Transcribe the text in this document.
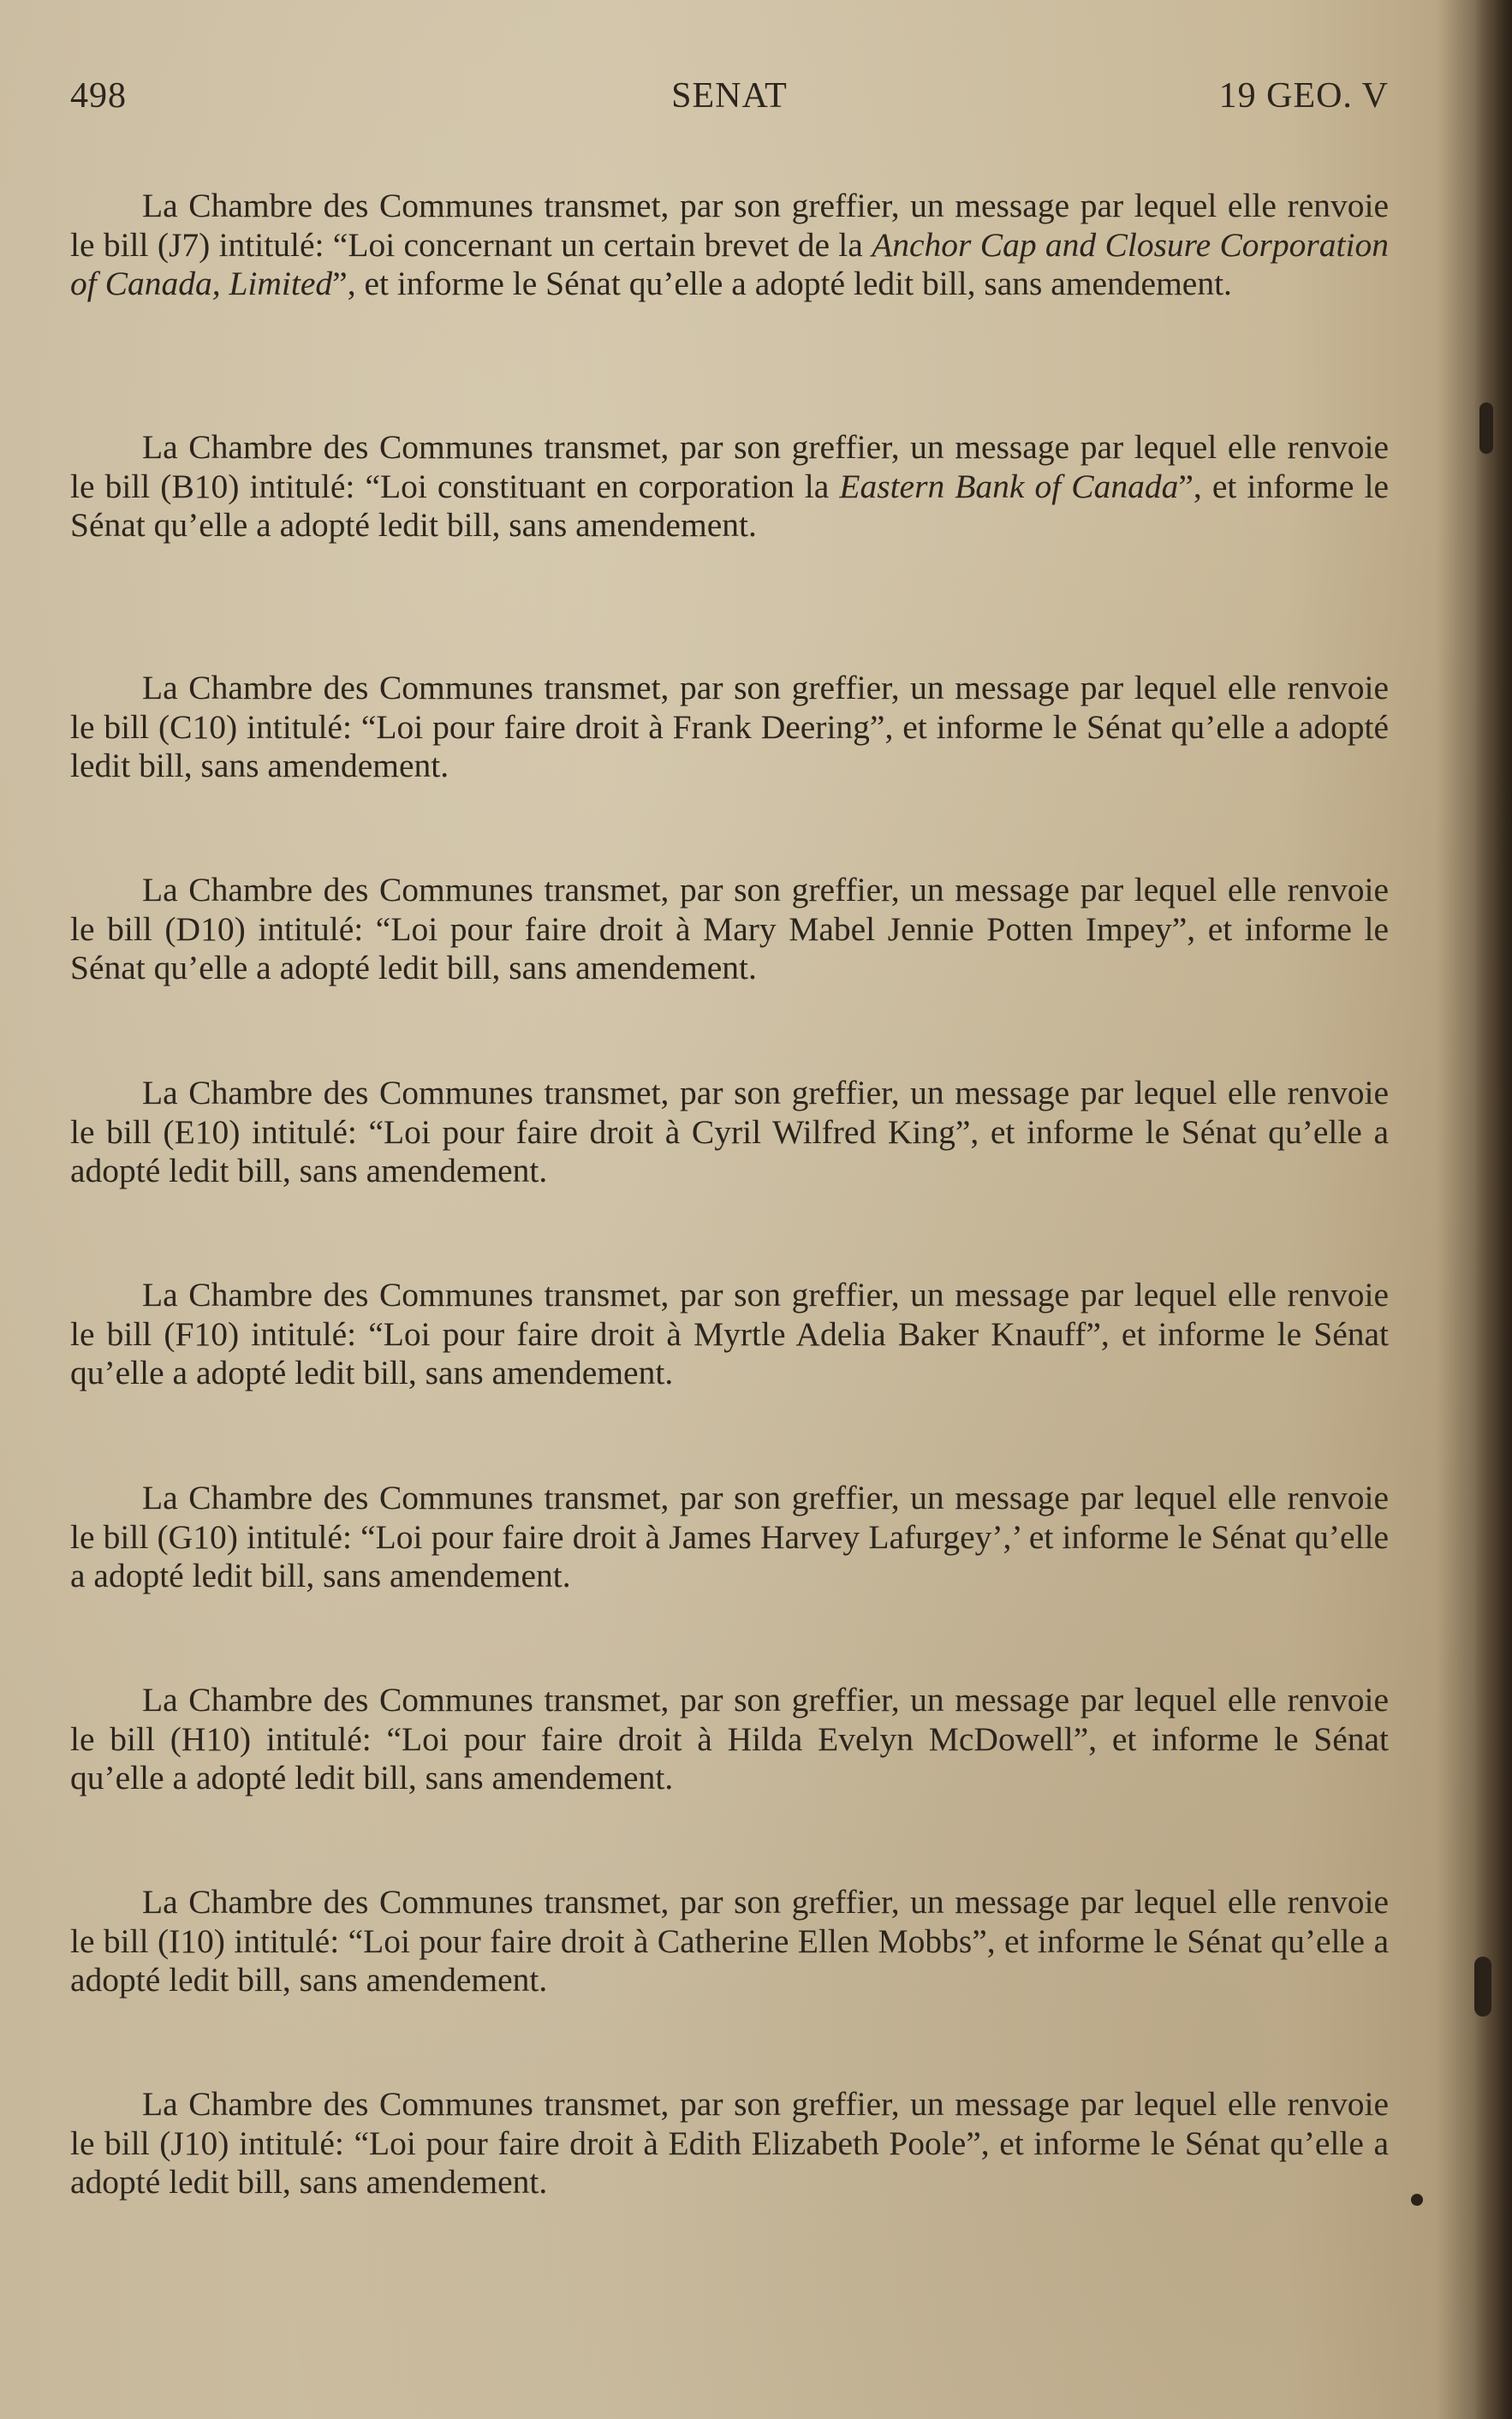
498	SENAT	19 GEO. V

La Chambre des Communes transmet, par son greffier, un message par lequel elle renvoie le bill (J7) intitulé: “Loi concernant un certain brevet de la Anchor Cap and Closure Corporation of Canada, Limited”, et informe le Sénat qu’elle a adopté ledit bill, sans amendement.

La Chambre des Communes transmet, par son greffier, un message par lequel elle renvoie le bill (B10) intitulé: “Loi constituant en corporation la Eastern Bank of Canada”, et informe le Sénat qu’elle a adopté ledit bill, sans amendement.

La Chambre des Communes transmet, par son greffier, un message par lequel elle renvoie le bill (C10) intitulé: “Loi pour faire droit à Frank Deering”, et informe le Sénat qu’elle a adopté ledit bill, sans amendement.

La Chambre des Communes transmet, par son greffier, un message par lequel elle renvoie le bill (D10) intitulé: “Loi pour faire droit à Mary Mabel Jennie Potten Impey”, et informe le Sénat qu’elle a adopté ledit bill, sans amendement.

La Chambre des Communes transmet, par son greffier, un message par lequel elle renvoie le bill (E10) intitulé: “Loi pour faire droit à Cyril Wilfred King”, et informe le Sénat qu’elle a adopté ledit bill, sans amendement.

La Chambre des Communes transmet, par son greffier, un message par lequel elle renvoie le bill (F10) intitulé: “Loi pour faire droit à Myrtle Adelia Baker Knauff”, et informe le Sénat qu’elle a adopté ledit bill, sans amendement.

La Chambre des Communes transmet, par son greffier, un message par lequel elle renvoie le bill (G10) intitulé: “Loi pour faire droit à James Harvey Lafurgey’,’ et informe le Sénat qu’elle a adopté ledit bill, sans amendement.

La Chambre des Communes transmet, par son greffier, un message par lequel elle renvoie le bill (H10) intitulé: “Loi pour faire droit à Hilda Evelyn McDowell”, et informe le Sénat qu’elle a adopté ledit bill, sans amendement.

La Chambre des Communes transmet, par son greffier, un message par lequel elle renvoie le bill (I10) intitulé: “Loi pour faire droit à Catherine Ellen Mobbs”, et informe le Sénat qu’elle a adopté ledit bill, sans amendement.

La Chambre des Communes transmet, par son greffier, un message par lequel elle renvoie le bill (J10) intitulé: “Loi pour faire droit à Edith Elizabeth Poole”, et informe le Sénat qu’elle a adopté ledit bill, sans amendement.
